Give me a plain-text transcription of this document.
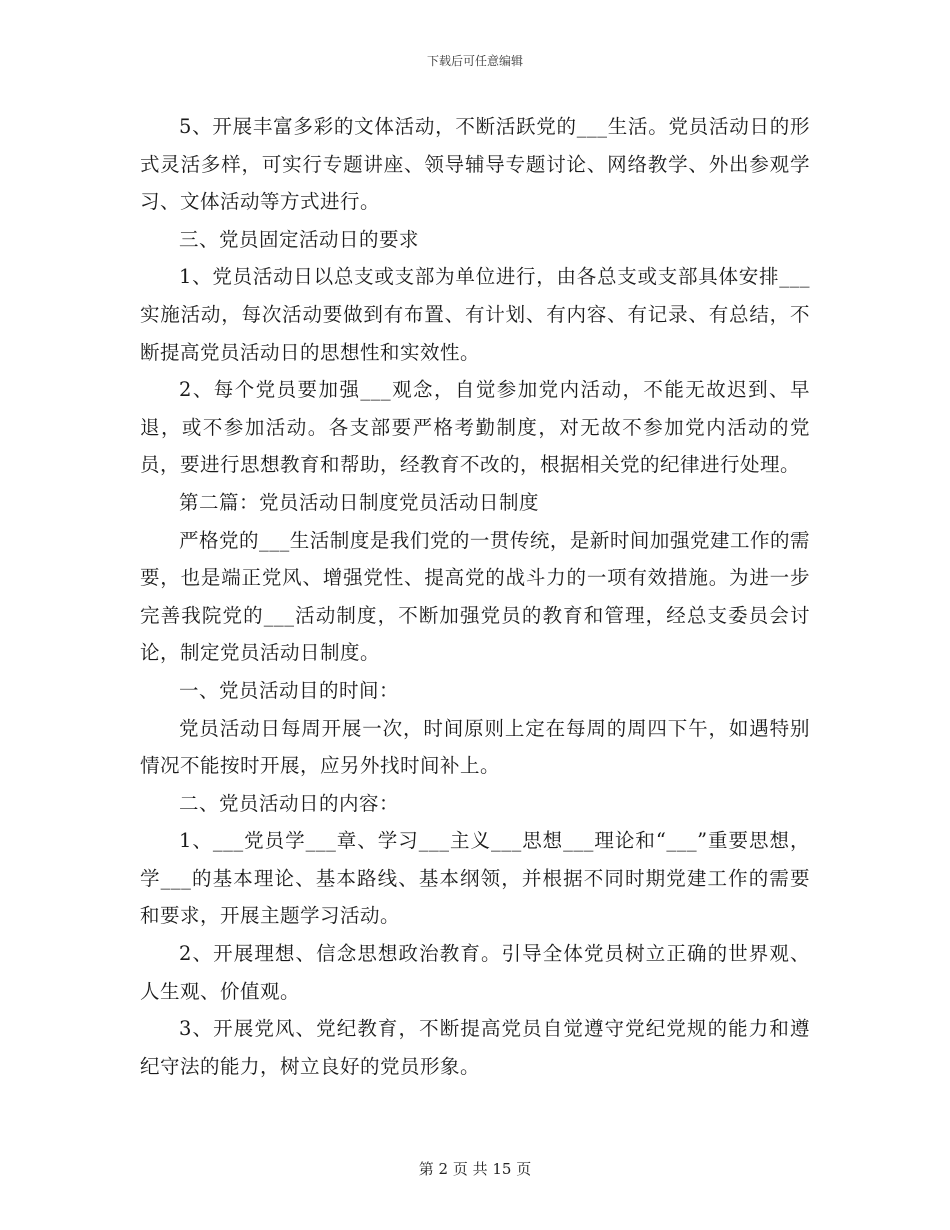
下载后可任意编辑

5、开展丰富多彩的文体活动，不断活跃党的___生活。党员活动日的形式灵活多样，可实行专题讲座、领导辅导专题讨论、网络教学、外出参观学习、文体活动等方式进行。

三、党员固定活动日的要求

1、党员活动日以总支或支部为单位进行，由各总支或支部具体安排___实施活动，每次活动要做到有布置、有计划、有内容、有记录、有总结，不断提高党员活动日的思想性和实效性。

2、每个党员要加强___观念，自觉参加党内活动，不能无故迟到、早退，或不参加活动。各支部要严格考勤制度，对无故不参加党内活动的党员，要进行思想教育和帮助，经教育不改的，根据相关党的纪律进行处理。

第二篇：党员活动日制度党员活动日制度

严格党的___生活制度是我们党的一贯传统，是新时间加强党建工作的需要，也是端正党风、增强党性、提高党的战斗力的一项有效措施。为进一步完善我院党的___活动制度，不断加强党员的教育和管理，经总支委员会讨论，制定党员活动日制度。

一、党员活动目的时间：

党员活动日每周开展一次，时间原则上定在每周的周四下午，如遇特别情况不能按时开展，应另外找时间补上。

二、党员活动日的内容：

1、___党员学___章、学习___主义___思想___理论和“___”重要思想，学___的基本理论、基本路线、基本纲领，并根据不同时期党建工作的需要和要求，开展主题学习活动。

2、开展理想、信念思想政治教育。引导全体党员树立正确的世界观、人生观、价值观。

3、开展党风、党纪教育，不断提高党员自觉遵守党纪党规的能力和遵纪守法的能力，树立良好的党员形象。

第 2 页 共 15 页
